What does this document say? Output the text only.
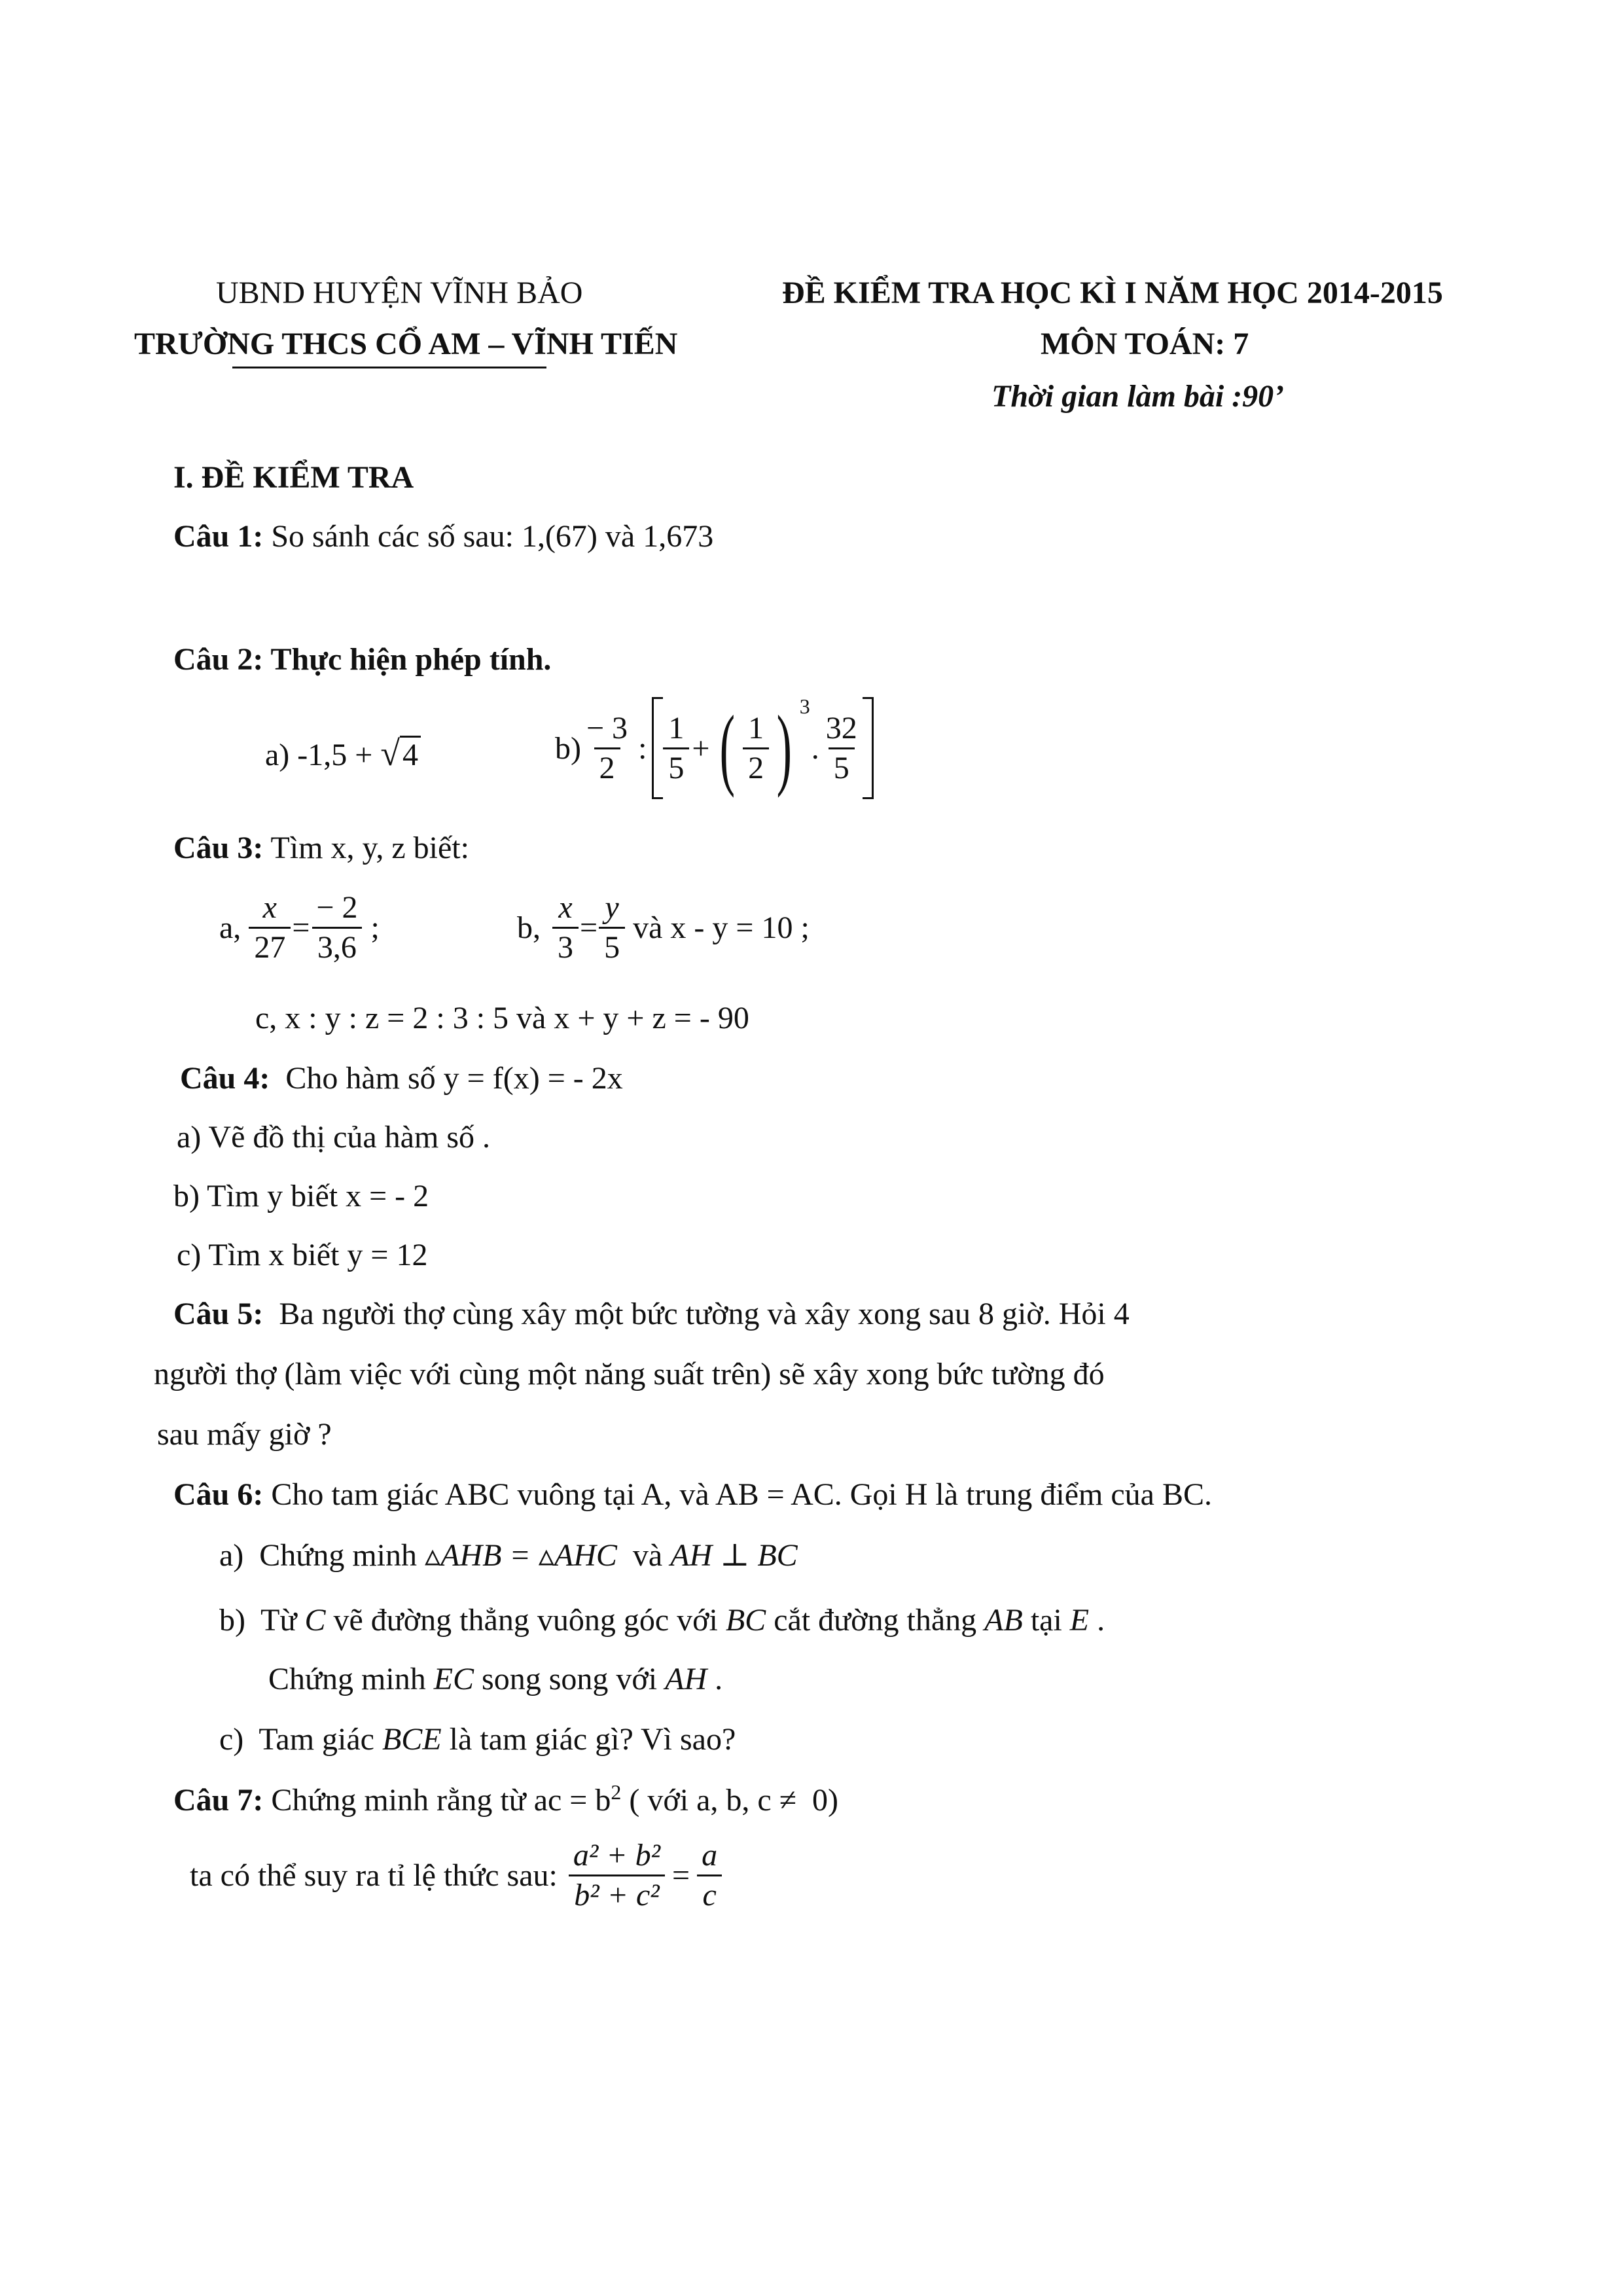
UBND HUYỆN VĨNH BẢO
TRƯỜNG THCS CỔ AM – VĨNH TIẾN
ĐỀ KIỂM TRA HỌC KÌ I NĂM HỌC 2014-2015
MÔN TOÁN: 7
Thời gian làm bài :90’
I. ĐỀ KIỂM TRA
Câu 1: So sánh các số sau: 1,(67) và 1,673
Câu 2: Thực hiện phép tính.
a) -1,5 + √4	$b) \frac{- 3}{2}$ : $\frac{1}{5}$ + ( $\frac{1}{2}$ ) 3
. $\frac{32}{5}$
Câu 3: Tìm x, y, z biết:
a, $\frac{x}{27} = \frac{- 2}{3,6}$ ;	b, $\frac{x}{3} = \frac{y}{5}$ và x - y = 10 ;
c, x : y : z = 2 : 3 : 5 và x + y + z = - 90
Câu 4:  Cho hàm số y = f(x) = - 2x
a) Vẽ đồ thị của hàm số .
b) Tìm y biết x = - 2
c) Tìm x biết y = 12
Câu 5:  Ba người thợ cùng xây một bức tường và xây xong sau 8 giờ. Hỏi 4
người thợ (làm việc với cùng một năng suất trên) sẽ xây xong bức tường đó
sau mấy giờ ?
Câu 6: Cho tam giác ABC vuông tại A, và AB = AC. Gọi H là trung điểm của BC.
a)  Chứng minh ▵AHB = ▵AHC  và AH ⊥ BC
b)  Từ C vẽ đường thẳng vuông góc với BC cắt đường thẳng AB tại E .
Chứng minh EC song song với AH .
c)  Tam giác BCE là tam giác gì? Vì sao?
Câu 7: Chứng minh rằng từ ac = $b^2$ ( với a, b, c ≠  0)
ta có thể suy ra tỉ lệ thức sau: $\frac{\text{a² + b²}}{\text{b² + c²}} = \frac{a}{c}$
